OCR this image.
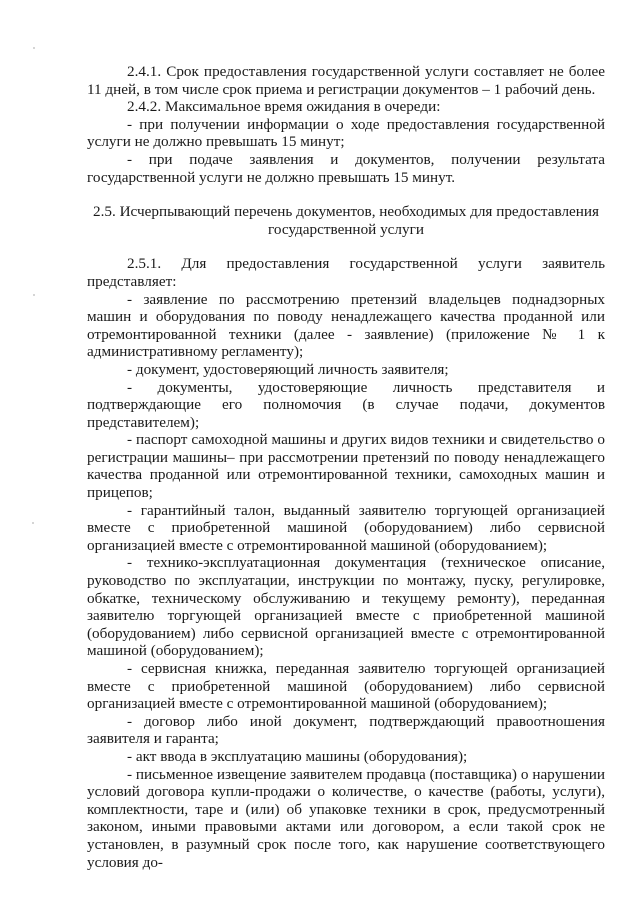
2.4.1. Срок предоставления государственной услуги составляет не более 11 дней, в том числе срок приема и регистрации документов – 1 рабочий день.

2.4.2. Максимальное время ожидания в очереди:

- при получении информации о ходе предоставления государственной услуги не должно превышать 15 минут;

- при подаче заявления и документов, получении результата государственной услуги не должно превышать 15 минут.

2.5. Исчерпывающий перечень документов, необходимых для предоставления государственной услуги

2.5.1. Для предоставления государственной услуги заявитель представляет:

- заявление по рассмотрению претензий владельцев поднадзорных машин и оборудования по поводу ненадлежащего качества проданной или отремонтированной техники (далее - заявление) (приложение № 1 к административному регламенту);

- документ, удостоверяющий личность заявителя;

- документы, удостоверяющие личность представителя и подтверждающие его полномочия (в случае подачи, документов представителем);

- паспорт самоходной машины и других видов техники и свидетельство о регистрации машины– при рассмотрении претензий по поводу ненадлежащего качества проданной или отремонтированной техники, самоходных машин и прицепов;

- гарантийный талон, выданный заявителю торгующей организацией вместе с приобретенной машиной (оборудованием) либо сервисной организацией вместе с отремонтированной машиной (оборудованием);

- технико-эксплуатационная документация (техническое описание, руководство по эксплуатации, инструкции по монтажу, пуску, регулировке, обкатке, техническому обслуживанию и текущему ремонту), переданная заявителю торгующей организацией вместе с приобретенной машиной (оборудованием) либо сервисной организацией вместе с отремонтированной машиной (оборудованием);

- сервисная книжка, переданная заявителю торгующей организацией вместе с приобретенной машиной (оборудованием) либо сервисной организацией вместе с отремонтированной машиной (оборудованием);

- договор либо иной документ, подтверждающий правоотношения заявителя и гаранта;

- акт ввода в эксплуатацию машины (оборудования);

- письменное извещение заявителем продавца (поставщика) о нарушении условий договора купли-продажи о количестве, о качестве (работы, услуги), комплектности, таре и (или) об упаковке техники в срок, предусмотренный законом, иными правовыми актами или договором, а если такой срок не установлен, в разумный срок после того, как нарушение соответствующего условия до-
